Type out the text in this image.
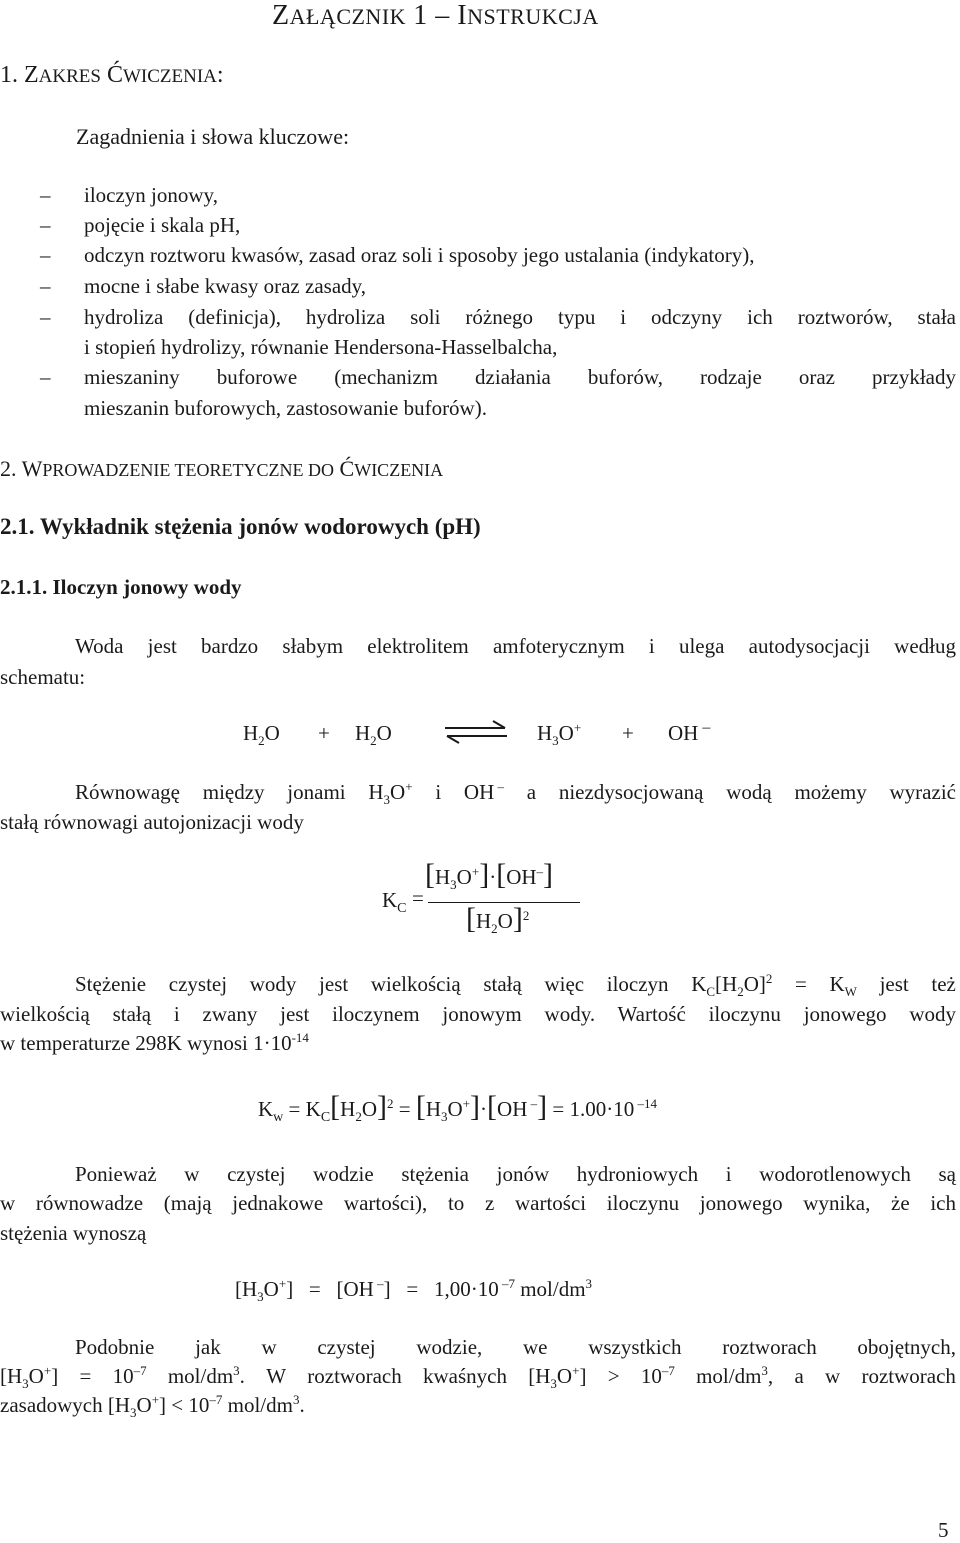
ZAŁĄCZNIK 1 – INSTRUKCJA
1. ZAKRES ĆWICZENIA:
Zagadnienia i słowa kluczowe:
– iloczyn jonowy,
– pojęcie i skala pH,
– odczyn roztworu kwasów, zasad oraz soli i sposoby jego ustalania (indykatory),
– mocne i słabe kwasy oraz zasady,
–	hydroliza (definicja), hydroliza soli różnego typu i odczyny ich roztworów, stała
i stopień hydrolizy, równanie Hendersona-Hasselbalcha,
–	mieszaniny buforowe (mechanizm działania buforów, rodzaje oraz przykłady
mieszanin buforowych, zastosowanie buforów).
2. WPROWADZENIE TEORETYCZNE DO ĆWICZENIA
2.1. Wykładnik stężenia jonów wodorowych (pH)
2.1.1. Iloczyn jonowy wody
Woda jest bardzo słabym elektrolitem amfoterycznym i ulega autodysocjacji według
schematu:
$H_2O + H_2O$	$H_3O^+$ + OH –
Równowagę między jonami $H_3O^+$ i OH – a niezdysocjowaną wodą możemy wyrazić
stałą równowagi autojonizacji wody
$K_C$ =
$[H_3O^+]\cdot[OH^-]$
$[H_2O]^2$
Stężenie czystej wody jest wielkością stałą więc iloczyn $K_C[H_2O]^2 = K_W$ jest też
wielkością stałą i zwany jest iloczynem jonowym wody. Wartość iloczynu jonowego wody
w temperaturze 298K wynosi $1\cdot 10^{-14}$
$K_w = K_C[H_2O]^2 = [H_3O^+]\cdot[OH$ –] = 1.00·10 $^{-14}$
Ponieważ w czystej wodzie stężenia jonów hydroniowych i wodorotlenowych są
w równowadze (mają jednakowe wartości), to z wartości iloczynu jonowego wynika, że ich
stężenia wynoszą
$[H_3O^+] = [OH$ –]   =   1,00·10 $^{-7}$ mol/$dm^3$
Podobnie jak w czystej wodzie, we wszystkich roztworach obojętnych,
$[H_3O^+] = 10^{-7}$ mol/$dm^3$. W roztworach kwaśnych $[H_3O^+] > 10^{-7}$ mol/$dm^3$, a w roztworach
zasadowych $[H_3O^+] < 10^{-7}$ mol/$dm^3$.
5
